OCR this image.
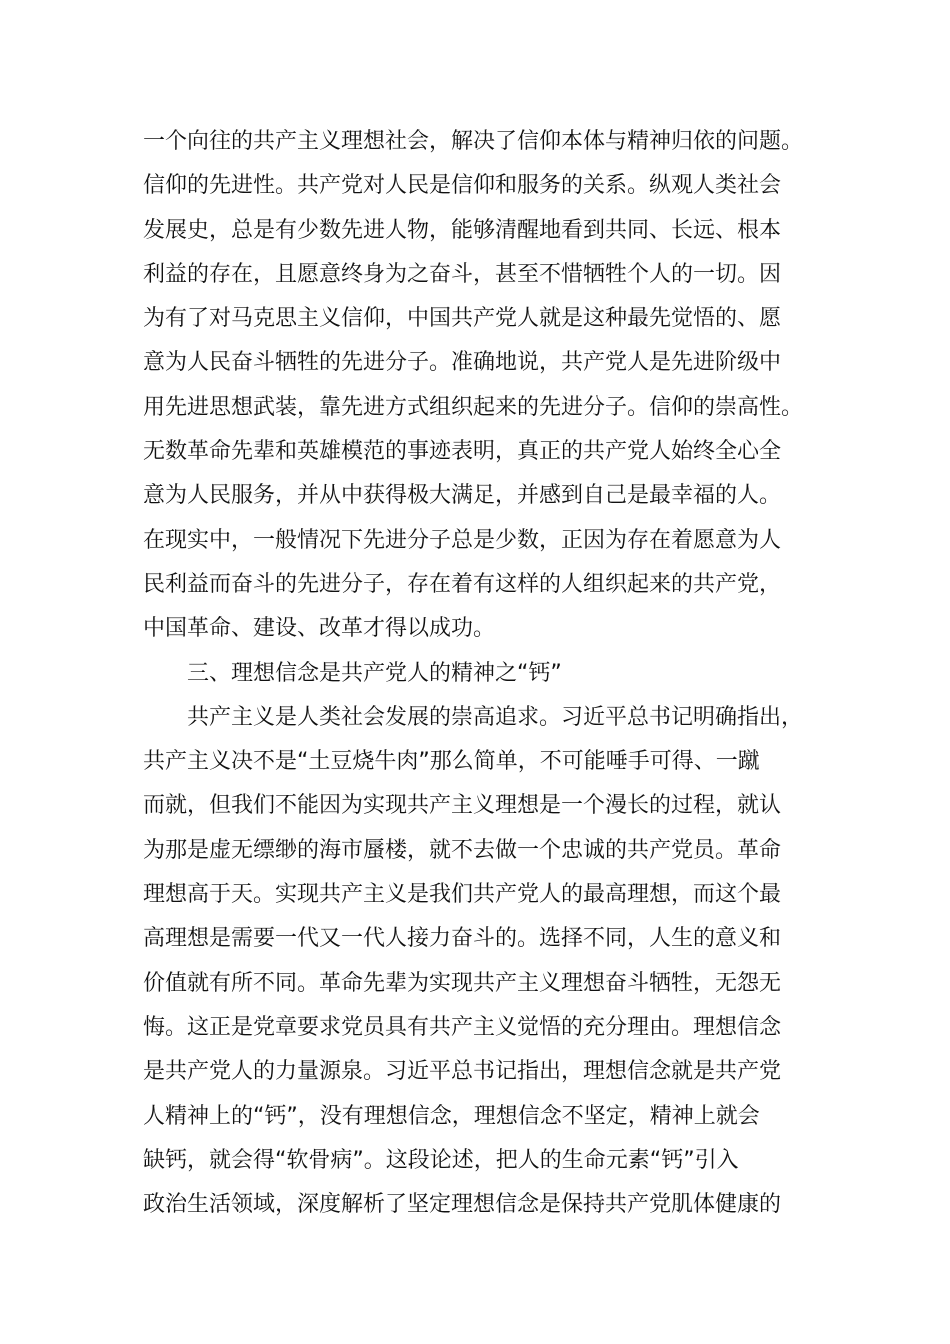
一个向往的共产主义理想社会，解决了信仰本体与精神归依的问题。
信仰的先进性。共产党对人民是信仰和服务的关系。纵观人类社会
发展史，总是有少数先进人物，能够清醒地看到共同、长远、根本
利益的存在，且愿意终身为之奋斗，甚至不惜牺牲个人的一切。因
为有了对马克思主义信仰，中国共产党人就是这种最先觉悟的、愿
意为人民奋斗牺牲的先进分子。准确地说，共产党人是先进阶级中
用先进思想武装，靠先进方式组织起来的先进分子。信仰的崇高性。
无数革命先辈和英雄模范的事迹表明，真正的共产党人始终全心全
意为人民服务，并从中获得极大满足，并感到自己是最幸福的人。
在现实中，一般情况下先进分子总是少数，正因为存在着愿意为人
民利益而奋斗的先进分子，存在着有这样的人组织起来的共产党，
中国革命、建设、改革才得以成功。
三、理想信念是共产党人的精神之“钙”
共产主义是人类社会发展的崇高追求。习近平总书记明确指出，
共产主义决不是“土豆烧牛肉”那么简单，不可能唾手可得、一蹴
而就，但我们不能因为实现共产主义理想是一个漫长的过程，就认
为那是虚无缥缈的海市蜃楼，就不去做一个忠诚的共产党员。革命
理想高于天。实现共产主义是我们共产党人的最高理想，而这个最
高理想是需要一代又一代人接力奋斗的。选择不同，人生的意义和
价值就有所不同。革命先辈为实现共产主义理想奋斗牺牲，无怨无
悔。这正是党章要求党员具有共产主义觉悟的充分理由。理想信念
是共产党人的力量源泉。习近平总书记指出，理想信念就是共产党
人精神上的“钙”，没有理想信念，理想信念不坚定，精神上就会
缺钙，就会得“软骨病”。这段论述，把人的生命元素“钙”引入
政治生活领域，深度解析了坚定理想信念是保持共产党肌体健康的
